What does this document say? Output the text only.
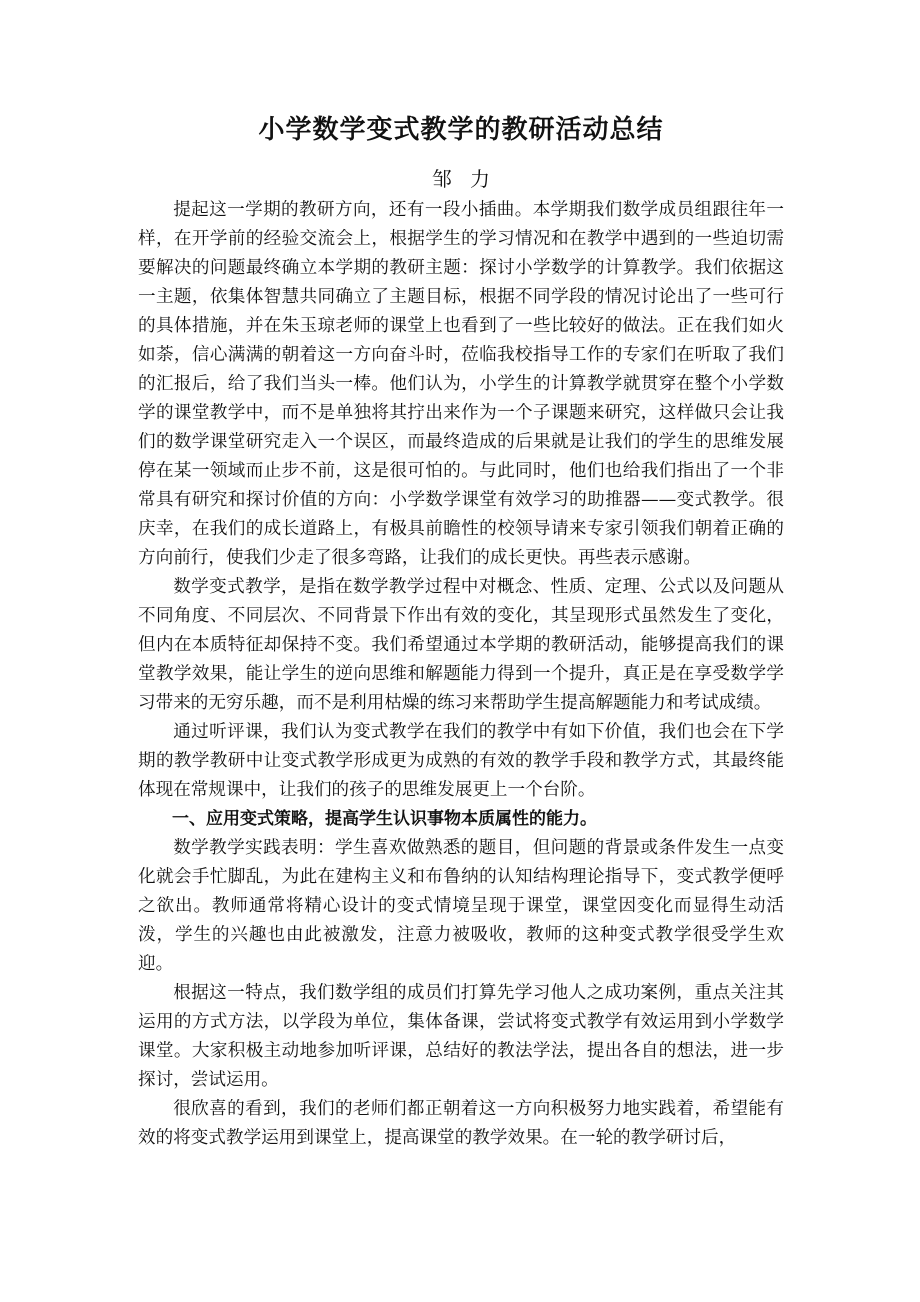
小学数学变式教学的教研活动总结
邹力

提起这一学期的教研方向，还有一段小插曲。本学期我们数学成员组跟往年一样，在开学前的经验交流会上，根据学生的学习情况和在教学中遇到的一些迫切需要解决的问题最终确立本学期的教研主题：探讨小学数学的计算教学。我们依据这一主题，依集体智慧共同确立了主题目标，根据不同学段的情况讨论出了一些可行的具体措施，并在朱玉琼老师的课堂上也看到了一些比较好的做法。正在我们如火如荼，信心满满的朝着这一方向奋斗时，莅临我校指导工作的专家们在听取了我们的汇报后，给了我们当头一棒。他们认为，小学生的计算教学就贯穿在整个小学数学的课堂教学中，而不是单独将其拧出来作为一个子课题来研究，这样做只会让我们的数学课堂研究走入一个误区，而最终造成的后果就是让我们的学生的思维发展停在某一领域而止步不前，这是很可怕的。与此同时，他们也给我们指出了一个非常具有研究和探讨价值的方向：小学数学课堂有效学习的助推器——变式教学。很庆幸，在我们的成长道路上，有极具前瞻性的校领导请来专家引领我们朝着正确的方向前行，使我们少走了很多弯路，让我们的成长更快。再些表示感谢。

数学变式教学，是指在数学教学过程中对概念、性质、定理、公式以及问题从不同角度、不同层次、不同背景下作出有效的变化，其呈现形式虽然发生了变化，但内在本质特征却保持不变。我们希望通过本学期的教研活动，能够提高我们的课堂教学效果，能让学生的逆向思维和解题能力得到一个提升，真正是在享受数学学习带来的无穷乐趣，而不是利用枯燥的练习来帮助学生提高解题能力和考试成绩。

通过听评课，我们认为变式教学在我们的教学中有如下价值，我们也会在下学期的教学教研中让变式教学形成更为成熟的有效的教学手段和教学方式，其最终能体现在常规课中，让我们的孩子的思维发展更上一个台阶。

一、应用变式策略，提高学生认识事物本质属性的能力。

数学教学实践表明：学生喜欢做熟悉的题目，但问题的背景或条件发生一点变化就会手忙脚乱，为此在建构主义和布鲁纳的认知结构理论指导下，变式教学便呼之欲出。教师通常将精心设计的变式情境呈现于课堂，课堂因变化而显得生动活泼，学生的兴趣也由此被激发，注意力被吸收，教师的这种变式教学很受学生欢迎。

根据这一特点，我们数学组的成员们打算先学习他人之成功案例，重点关注其运用的方式方法，以学段为单位，集体备课，尝试将变式教学有效运用到小学数学课堂。大家积极主动地参加听评课，总结好的教法学法，提出各自的想法，进一步探讨，尝试运用。

很欣喜的看到，我们的老师们都正朝着这一方向积极努力地实践着，希望能有效的将变式教学运用到课堂上，提高课堂的教学效果。在一轮的教学研讨后，
